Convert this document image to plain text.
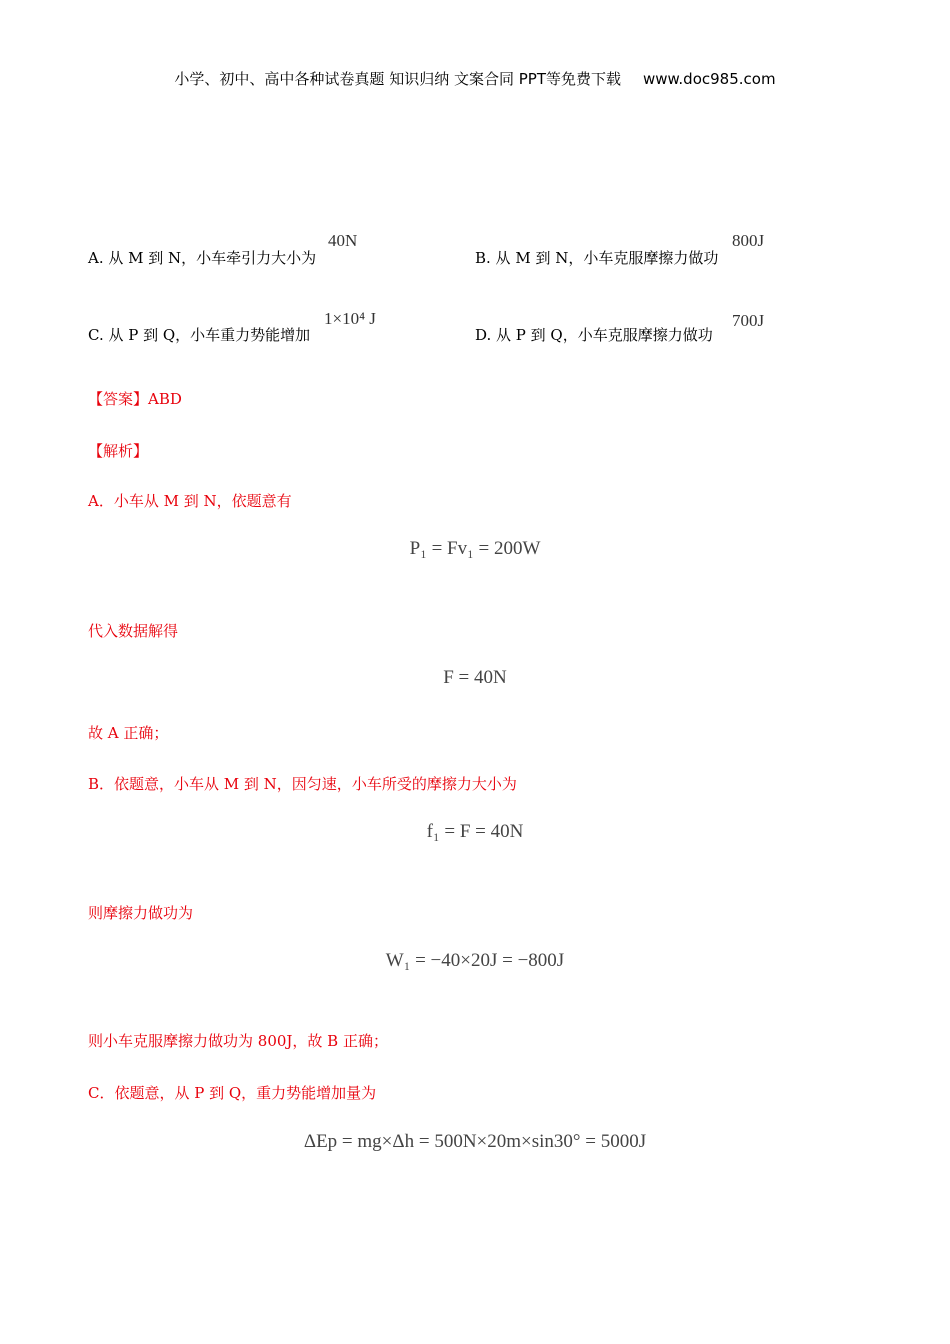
小学、初中、高中各种试卷真题 知识归纳 文案合同 PPT等免费下载 www.doc985.com
A. 从 M 到 N，小车牵引力大小为
40N
B. 从 M 到 N，小车克服摩擦力做功
800J
C. 从 P 到 Q，小车重力势能增加
1×10⁴ J
D. 从 P 到 Q，小车克服摩擦力做功
700J
【答案】ABD
【解析】
A．小车从 M 到 N，依题意有
P₁ = Fv₁ = 200W
代入数据解得
F = 40N
故 A 正确；
B．依题意，小车从 M 到 N，因匀速，小车所受的摩擦力大小为
f₁ = F = 40N
则摩擦力做功为
W₁ = −40×20J = −800J
则小车克服摩擦力做功为 800J，故 B 正确；
C．依题意，从 P 到 Q，重力势能增加量为
ΔEp = mg×Δh = 500N×20m×sin30° = 5000J
